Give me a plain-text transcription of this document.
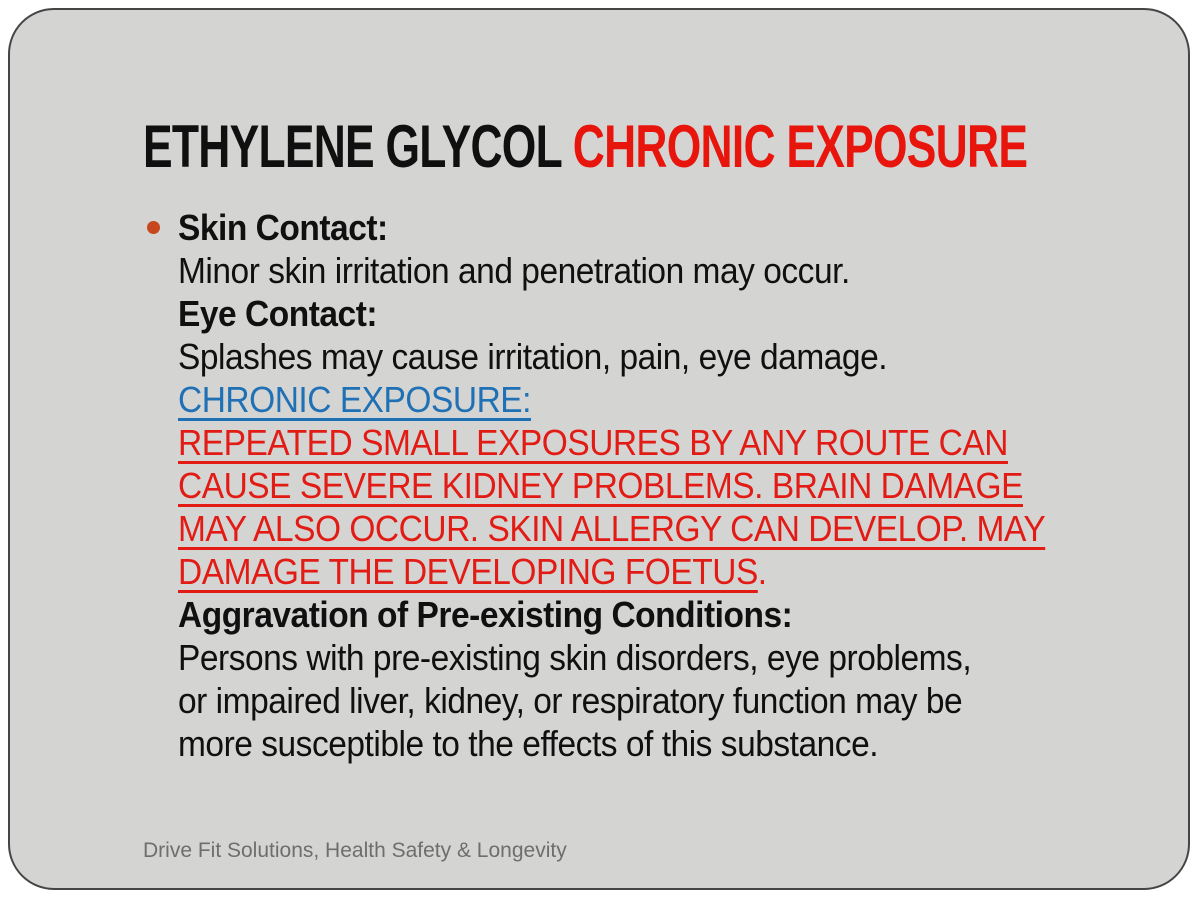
ETHYLENE GLYCOL CHRONIC EXPOSURE
Skin Contact:
Minor skin irritation and penetration may occur.
Eye Contact:
Splashes may cause irritation, pain, eye damage.
CHRONIC EXPOSURE:
REPEATED SMALL EXPOSURES BY ANY ROUTE CAN
CAUSE SEVERE KIDNEY PROBLEMS. BRAIN DAMAGE
MAY ALSO OCCUR. SKIN ALLERGY CAN DEVELOP. MAY
DAMAGE THE DEVELOPING FOETUS.
Aggravation of Pre-existing Conditions:
Persons with pre-existing skin disorders, eye problems,
or impaired liver, kidney, or respiratory function may be
more susceptible to the effects of this substance.
Drive Fit Solutions, Health Safety & Longevity
